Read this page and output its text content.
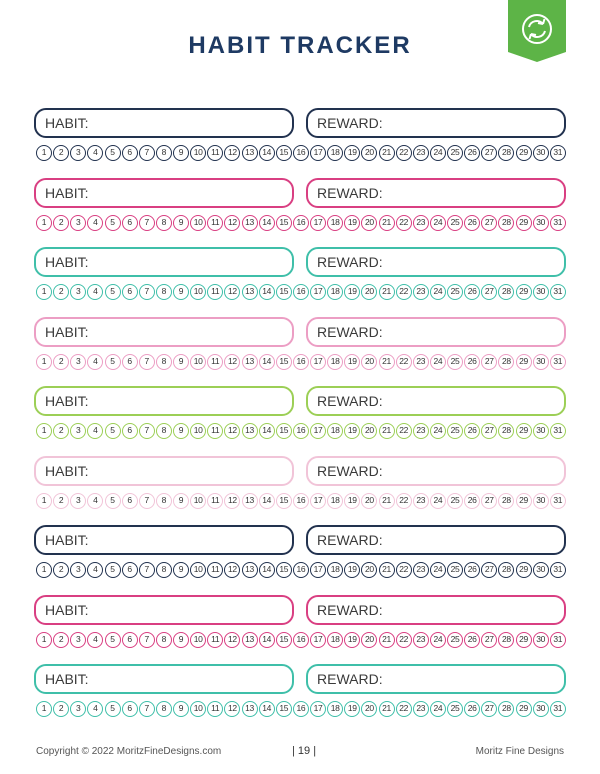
HABIT TRACKER
HABIT:	REWARD:
1	2	3	4	5	6	7	8	9	10	11	12 13 14 15 16 17 18 19 20 21 22 23 24 25 26 27 28 29 30 31
HABIT:	REWARD:
1	2	3	4	5	6	7	8	9	10	11	12 13 14 15 16 17 18 19 20 21 22 23 24 25 26 27 28 29 30 31
HABIT:	REWARD:
1	2	3	4	5	6	7	8	9	10	11	12 13 14 15 16 17 18 19 20 21 22 23 24 25 26 27 28 29 30 31
HABIT:	REWARD:
1	2	3	4	5	6	7	8	9	10	11	12 13 14 15 16 17 18 19 20 21 22 23 24 25 26 27 28 29 30 31
HABIT:	REWARD:
1	2	3	4	5	6	7	8	9	10	11	12 13 14 15 16 17 18 19 20 21 22 23 24 25 26 27 28 29 30 31
HABIT:	REWARD:
1	2	3	4	5	6	7	8	9	10	11	12 13 14 15 16 17 18 19 20 21 22 23 24 25 26 27 28 29 30 31
HABIT:	REWARD:
1	2	3	4	5	6	7	8	9	10	11	12 13 14 15 16 17 18 19 20 21 22 23 24 25 26 27 28 29 30 31
HABIT:	REWARD:
1	2	3	4	5	6	7	8	9	10	11	12 13 14 15 16 17 18 19 20 21 22 23 24 25 26 27 28 29 30 31
HABIT:	REWARD:
1	2	3	4	5	6	7	8	9	10	11	12 13 14 15 16 17 18 19 20 21 22 23 24 25 26 27 28 29 30 31
Copyright © 2022 MoritzFineDesigns.com	| 19 |	Moritz Fine Designs
